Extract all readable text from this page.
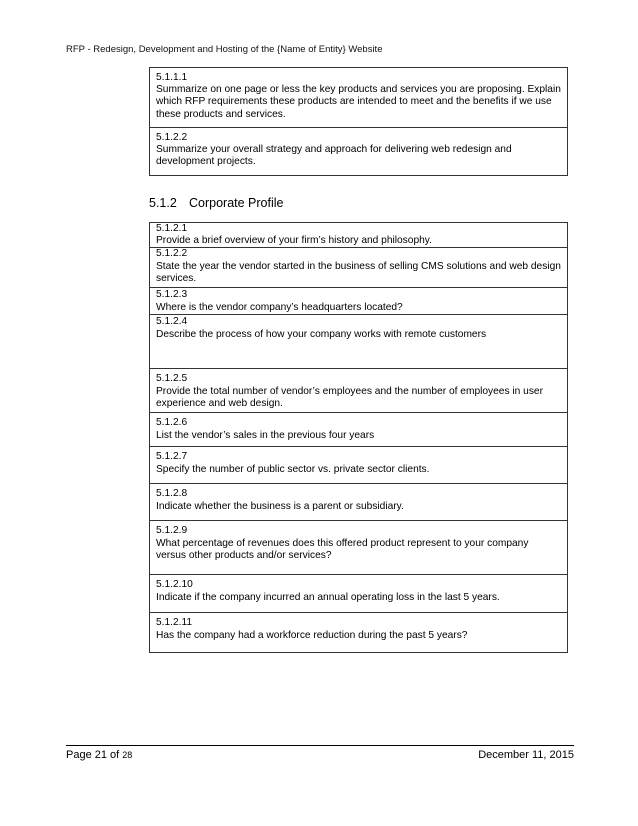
RFP - Redesign, Development and Hosting of the {Name of Entity} Website
5.1.1.1
Summarize on one page or less the key products and services you are proposing. Explain which RFP requirements these products are intended to meet and the benefits if we use these products and services.

5.1.2.2
Summarize your overall strategy and approach for delivering web redesign and development projects.
5.1.2 Corporate Profile
5.1.2.1
Provide a brief overview of your firm’s history and philosophy.

5.1.2.2
State the year the vendor started in the business of selling CMS solutions and web design services.

5.1.2.3
Where is the vendor company’s headquarters located?

5.1.2.4
Describe the process of how your company works with remote customers

5.1.2.5
Provide the total number of vendor’s employees and the number of employees in user experience and web design.

5.1.2.6
List the vendor’s sales in the previous four years

5.1.2.7
Specify the number of public sector vs. private sector clients.

5.1.2.8
Indicate whether the business is a parent or subsidiary.

5.1.2.9
What percentage of revenues does this offered product represent to your company versus other products and/or services?

5.1.2.10
Indicate if the company incurred an annual operating loss in the last 5 years.

5.1.2.11
Has the company had a workforce reduction during the past 5 years?
Page 21 of 28	December 11, 2015
